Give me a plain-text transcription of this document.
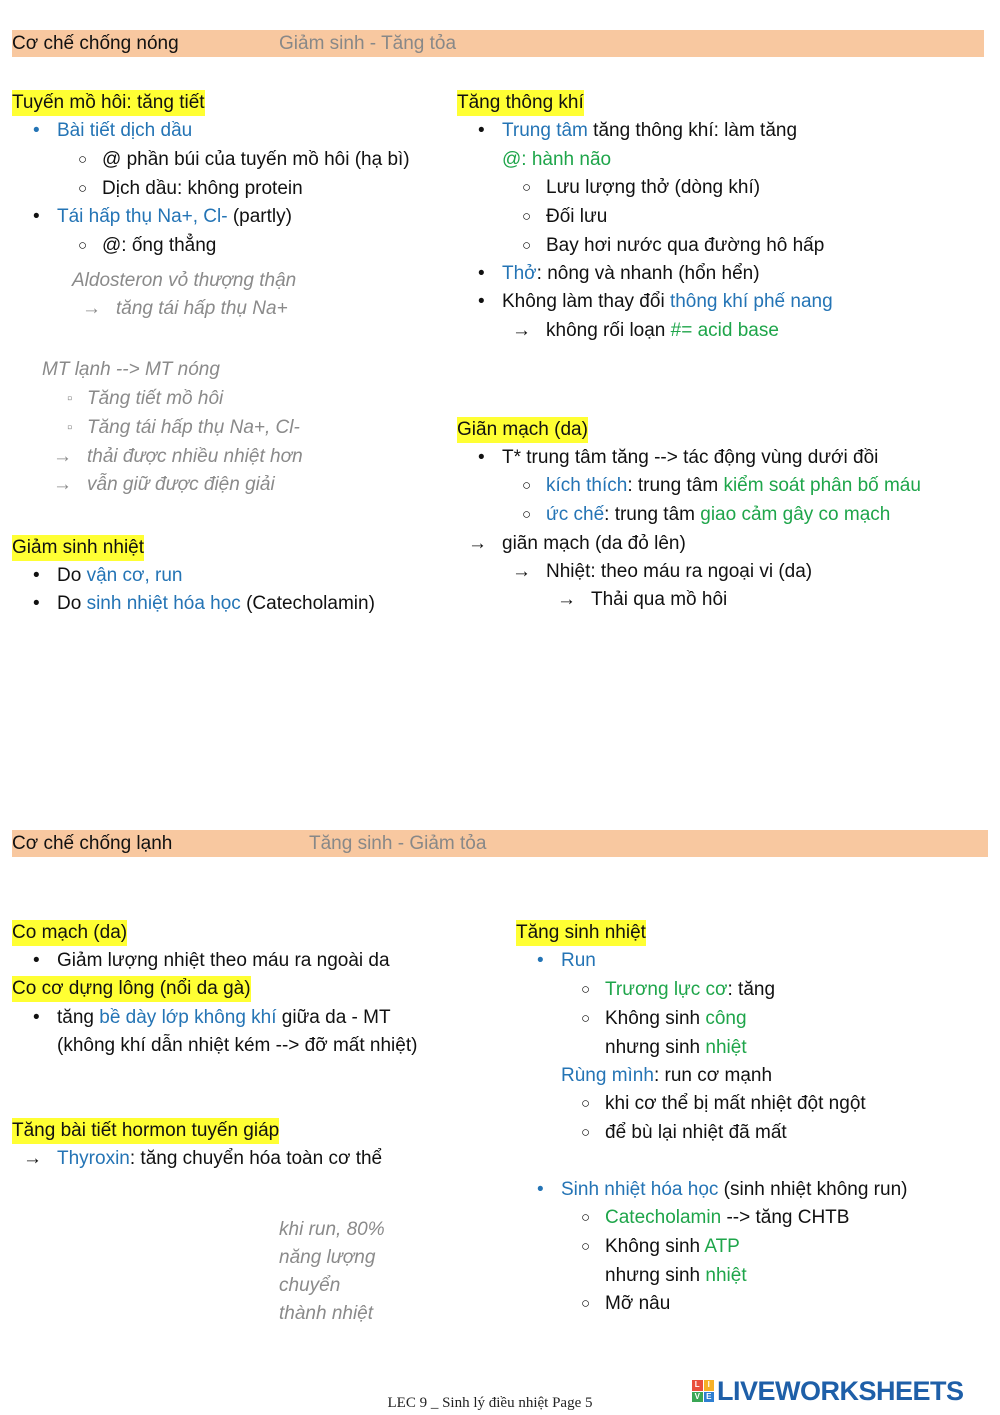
Cơ chế chống nóng	Giảm sinh - Tăng tỏa
Tuyến mồ hôi: tăng tiết
• Bài tiết dịch dầu
○ @ phần búi của tuyến mồ hôi (hạ bì)
○ Dịch dầu: không protein
• Tái hấp thụ Na+, Cl- (partly)
○ @: ống thẳng
Aldosteron vỏ thượng thận
→ tăng tái hấp thụ Na+
MT lạnh --> MT nóng
▫ Tăng tiết mồ hôi
▫ Tăng tái hấp thụ Na+, Cl-
→ thải được nhiều nhiệt hơn
→ vẫn giữ được điện giải
Giảm sinh nhiệt
• Do vận cơ, run
• Do sinh nhiệt hóa học (Catecholamin)
Tăng thông khí
• Trung tâm tăng thông khí: làm tăng
@: hành não
○ Lưu lượng thở (dòng khí)
○ Đối lưu
○ Bay hơi nước qua đường hô hấp
• Thở: nông và nhanh (hổn hển)
• Không làm thay đổi thông khí phế nang
→ không rối loạn #= acid base
Giãn mạch (da)
• T* trung tâm tăng --> tác động vùng dưới đồi
○ kích thích: trung tâm kiểm soát phân bố máu
○ ức chế: trung tâm giao cảm gây co mạch
→ giãn mạch (da đỏ lên)
→ Nhiệt: theo máu ra ngoại vi (da)
→ Thải qua mồ hôi
Cơ chế chống lạnh	Tăng sinh - Giảm tỏa
Co mạch (da)
• Giảm lượng nhiệt theo máu ra ngoài da
Co cơ dựng lông (nổi da gà)
• tăng bề dày lớp không khí giữa da - MT
(không khí dẫn nhiệt kém --> đỡ mất nhiệt)
Tăng bài tiết hormon tuyến giáp
→ Thyroxin: tăng chuyển hóa toàn cơ thể
khi run, 80%
năng lượng
chuyển
thành nhiệt
Tăng sinh nhiệt
• Run
○ Trương lực cơ: tăng
○ Không sinh công
nhưng sinh nhiệt
Rùng mình: run cơ mạnh
○ khi cơ thể bị mất nhiệt đột ngột
○ để bù lại nhiệt đã mất
• Sinh nhiệt hóa học (sinh nhiệt không run)
○ Catecholamin --> tăng CHTB
○ Không sinh ATP
nhưng sinh nhiệt
○ Mỡ nâu
LEC 9 _ Sinh lý điều nhiệt Page 5
L I
V E LIVEWORKSHEETS
